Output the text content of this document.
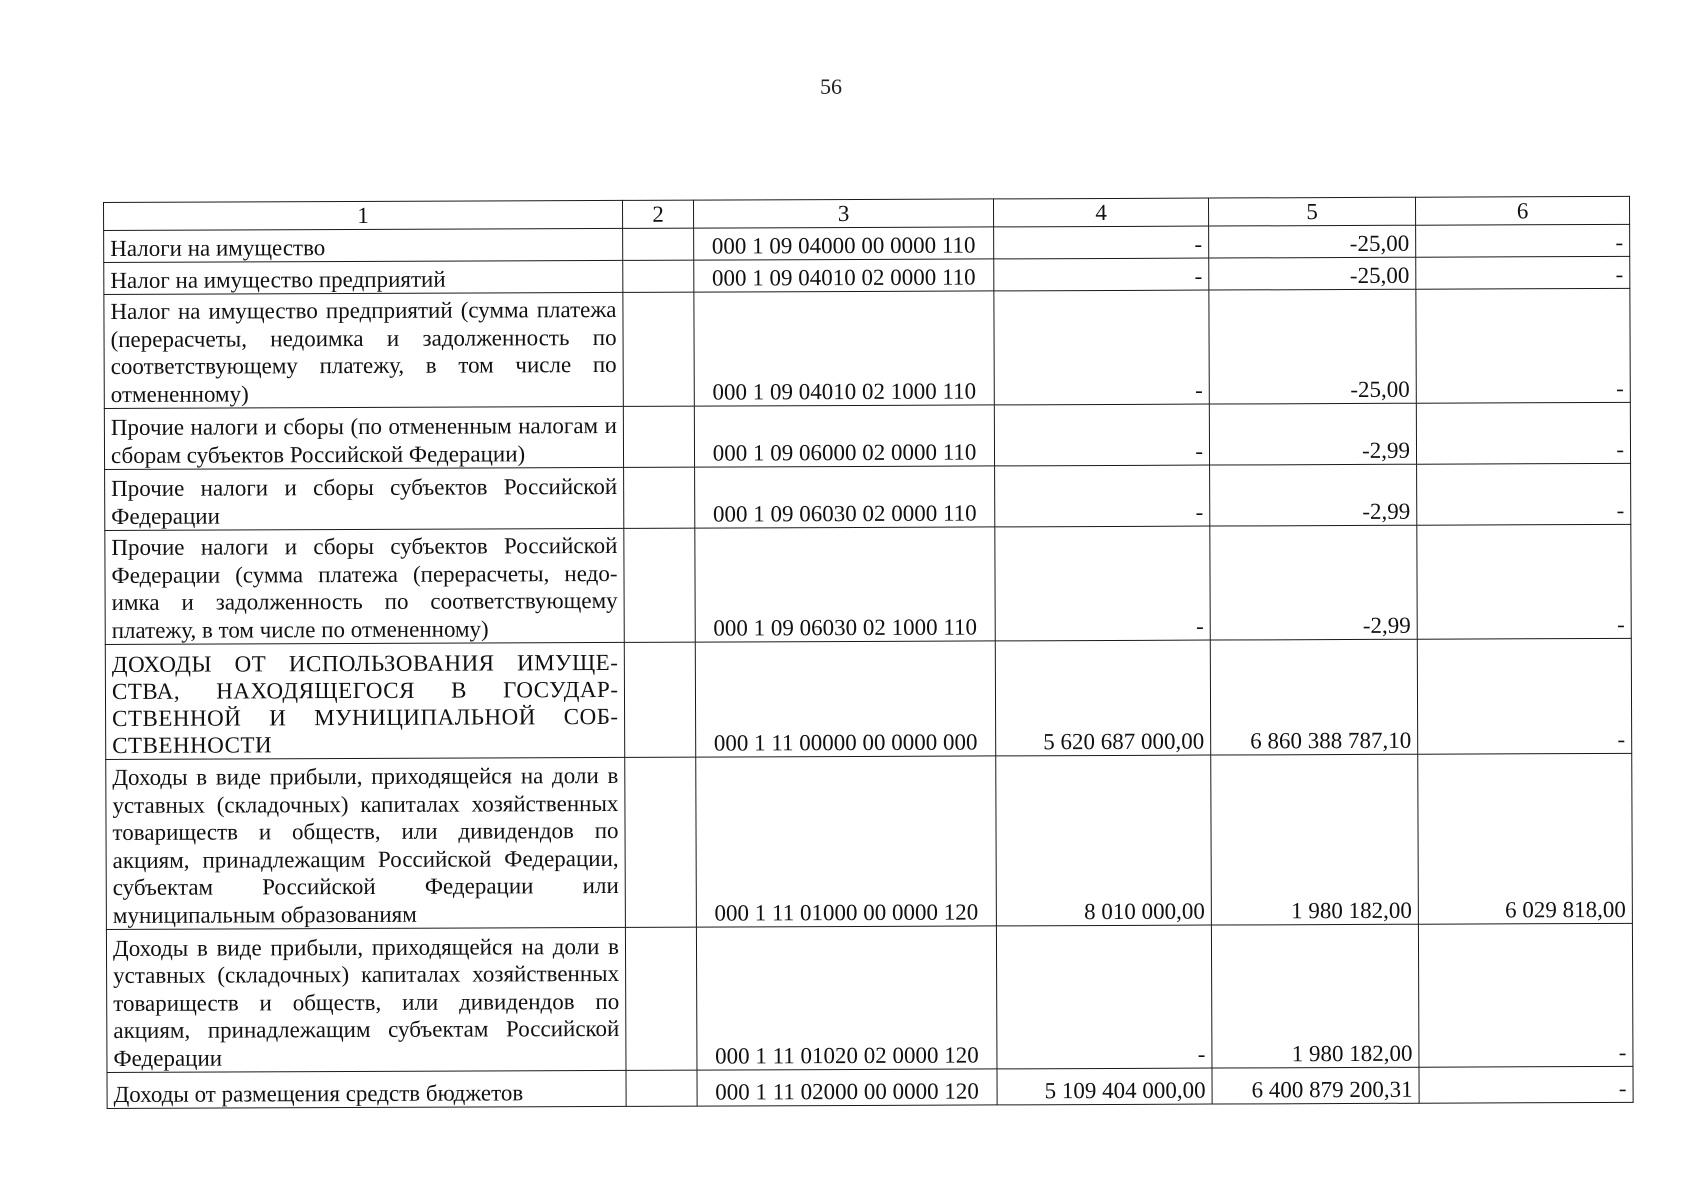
56
1	2	3	4	5	6
Налоги на имущество		000 1 09 04000 00 0000 110	-	-25,00	-
Налог на имущество предприятий		000 1 09 04010 02 0000 110	-	-25,00	-
Налог на имущество предприятий (сумма платежа (перерасчеты, недоимка и задолженность по соответствующему платежу, в том числе по отмененному)		000 1 09 04010 02 1000 110	-	-25,00	-
Прочие налоги и сборы (по отмененным налогам и сборам субъектов Российской Федерации)		000 1 09 06000 02 0000 110	-	-2,99	-
Прочие налоги и сборы субъектов Российской Федерации		000 1 09 06030 02 0000 110	-	-2,99	-
Прочие налоги и сборы субъектов Российской Федерации (сумма платежа (перерасчеты, недоимка и задолженность по соответствующему платежу, в том числе по отмененному)		000 1 09 06030 02 1000 110	-	-2,99	-
ДОХОДЫ ОТ ИСПОЛЬЗОВАНИЯ ИМУЩЕСТВА, НАХОДЯЩЕГОСЯ В ГОСУДАРСТВЕННОЙ И МУНИЦИПАЛЬНОЙ СОБСТВЕННОСТИ		000 1 11 00000 00 0000 000	5 620 687 000,00	6 860 388 787,10	-
Доходы в виде прибыли, приходящейся на доли в уставных (складочных) капиталах хозяйственных товариществ и обществ, или дивидендов по акциям, принадлежащим Российской Федерации, субъектам Российской Федерации или муниципальным образованиям		000 1 11 01000 00 0000 120	8 010 000,00	1 980 182,00	6 029 818,00
Доходы в виде прибыли, приходящейся на доли в уставных (складочных) капиталах хозяйственных товариществ и обществ, или дивидендов по акциям, принадлежащим субъектам Российской Федерации		000 1 11 01020 02 0000 120	-	1 980 182,00	-
Доходы от размещения средств бюджетов		000 1 11 02000 00 0000 120	5 109 404 000,00	6 400 879 200,31	-
